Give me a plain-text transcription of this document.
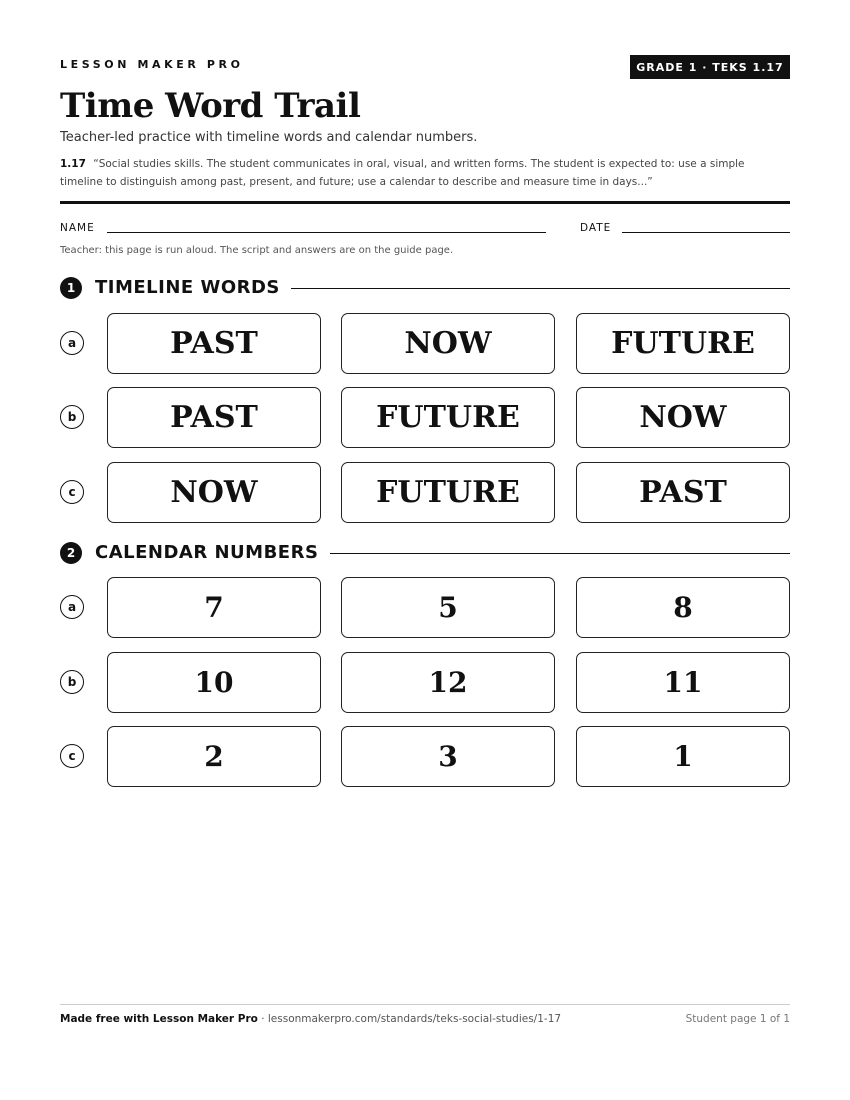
LESSON MAKER PRO	GRADE 1 · TEKS 1.17
Time Word Trail
Teacher-led practice with timeline words and calendar numbers.
1.17 “Social studies skills. The student communicates in oral, visual, and written forms. The student is expected to: use a simple timeline to distinguish among past, present, and future; use a calendar to describe and measure time in days...”
NAME	DATE
Teacher: this page is run aloud. The script and answers are on the guide page.
1	TIMELINE WORDS
a	PAST	NOW	FUTURE
b	PAST	FUTURE	NOW
c	NOW	FUTURE	PAST
2	CALENDAR NUMBERS
a	7	5	8
b	10	12	11
c	2	3	1
Made free with Lesson Maker Pro · lessonmakerpro.com/standards/teks-social-studies/1-17	Student page 1 of 1
